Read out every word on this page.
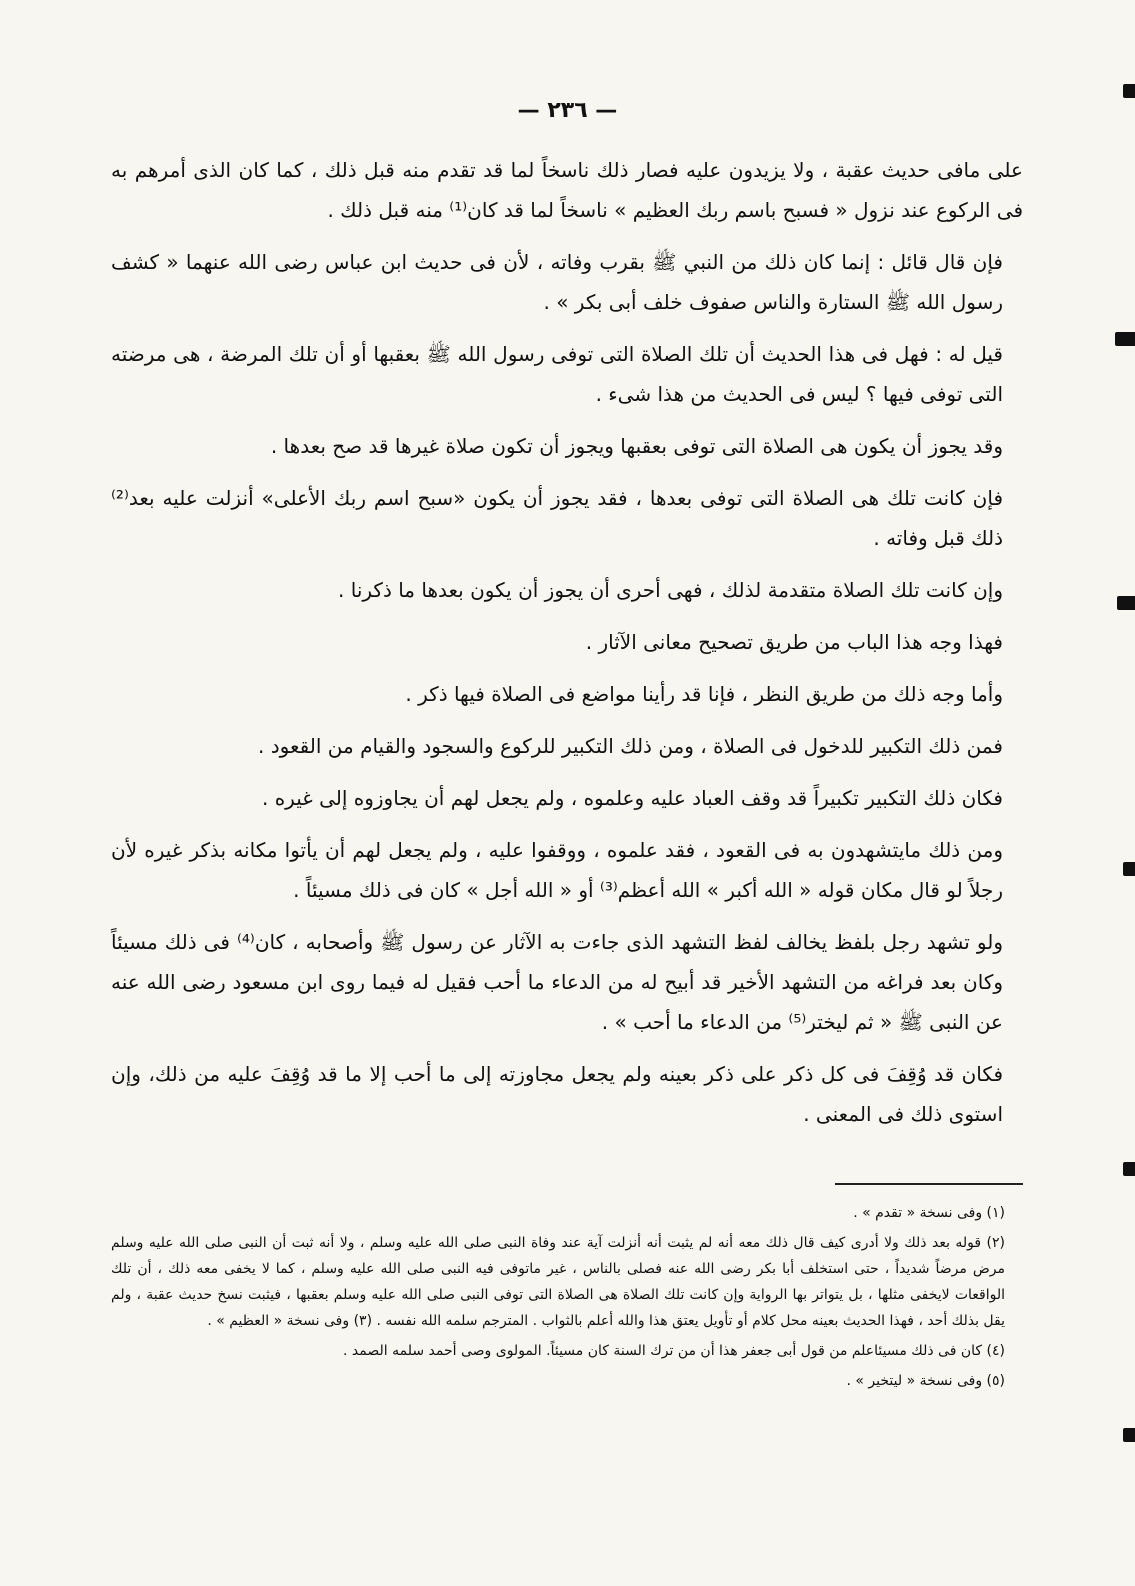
— ٢٣٦ —

على مافى حديث عقبة ، ولا يزيدون عليه فصار ذلك ناسخاً لما قد تقدم منه قبل ذلك ، كما كان الذى أمرهم به فى الركوع عند نزول « فسبح باسم ربك العظيم » ناسخاً لما قد كان⁽¹⁾ منه قبل ذلك .

فإن قال قائل : إنما كان ذلك من النبي ﷺ بقرب وفاته ، لأن فى حديث ابن عباس رضى الله عنهما « كشف رسول الله ﷺ الستارة والناس صفوف خلف أبى بكر » .

قيل له : فهل فى هذا الحديث أن تلك الصلاة التى توفى رسول الله ﷺ بعقبها أو أن تلك المرضة ، هى مرضته التى توفى فيها ؟ ليس فى الحديث من هذا شىء .

وقد يجوز أن يكون هى الصلاة التى توفى بعقبها ويجوز أن تكون صلاة غيرها قد صح بعدها .

فإن كانت تلك هى الصلاة التى توفى بعدها ، فقد يجوز أن يكون «سبح اسم ربك الأعلى» أنزلت عليه بعد⁽²⁾ ذلك قبل وفاته .

وإن كانت تلك الصلاة متقدمة لذلك ، فهى أحرى أن يجوز أن يكون بعدها ما ذكرنا .

فهذا وجه هذا الباب من طريق تصحيح معانى الآثار .

وأما وجه ذلك من طريق النظر ، فإنا قد رأينا مواضع فى الصلاة فيها ذكر .

فمن ذلك التكبير للدخول فى الصلاة ، ومن ذلك التكبير للركوع والسجود والقيام من القعود .

فكان ذلك التكبير تكبيراً قد وقف العباد عليه وعلموه ، ولم يجعل لهم أن يجاوزوه إلى غيره .

ومن ذلك مايتشهدون به فى القعود ، فقد علموه ، ووقفوا عليه ، ولم يجعل لهم أن يأتوا مكانه بذكر غيره لأن رجلاً لو قال مكان قوله « الله أكبر » الله أعظم⁽³⁾ أو « الله أجل » كان فى ذلك مسيئاً .

ولو تشهد رجل بلفظ يخالف لفظ التشهد الذى جاءت به الآثار عن رسول ﷺ وأصحابه ، كان⁽⁴⁾ فى ذلك مسيئاً وكان بعد فراغه من التشهد الأخير قد أبيح له من الدعاء ما أحب فقيل له فيما روى ابن مسعود رضى الله عنه عن النبى ﷺ « ثم ليختر⁽⁵⁾ من الدعاء ما أحب » .

فكان قد وُقِفَ فى كل ذكر على ذكر بعينه ولم يجعل مجاوزته إلى ما أحب إلا ما قد وُقِفَ عليه من ذلك، وإن استوى ذلك فى المعنى .

(١) وفى نسخة « تقدم » .

(٢) قوله بعد ذلك ولا أدرى كيف قال ذلك معه أنه لم يثبت أنه أنزلت آية عند وفاة النبى صلى الله عليه وسلم ، ولا أنه ثبت أن النبى صلى الله عليه وسلم مرض مرضاً شديداً ، حتى استخلف أبا بكر رضى الله عنه فصلى بالناس ، غير ماتوفى فيه النبى صلى الله عليه وسلم ، كما لا يخفى معه ذلك ، أن تلك الواقعات لايخفى مثلها ، بل يتواتر بها الرواية وإن كانت تلك الصلاة هى الصلاة التى توفى النبى صلى الله عليه وسلم بعقبها ، فيثبت نسخ حديث عقبة ، ولم يقل بذلك أحد ، فهذا الحديث بعينه محل كلام أو تأويل يعتق هذا والله أعلم بالثواب . المترجم سلمه الله نفسه . (٣) وفى نسخة « العظيم » .

(٤) كان فى ذلك مسيئاعلم من قول أبى جعفر هذا أن من ترك السنة كان مسيئاً. المولوى وصى أحمد سلمه الصمد .

(٥) وفى نسخة « ليتخير » .
